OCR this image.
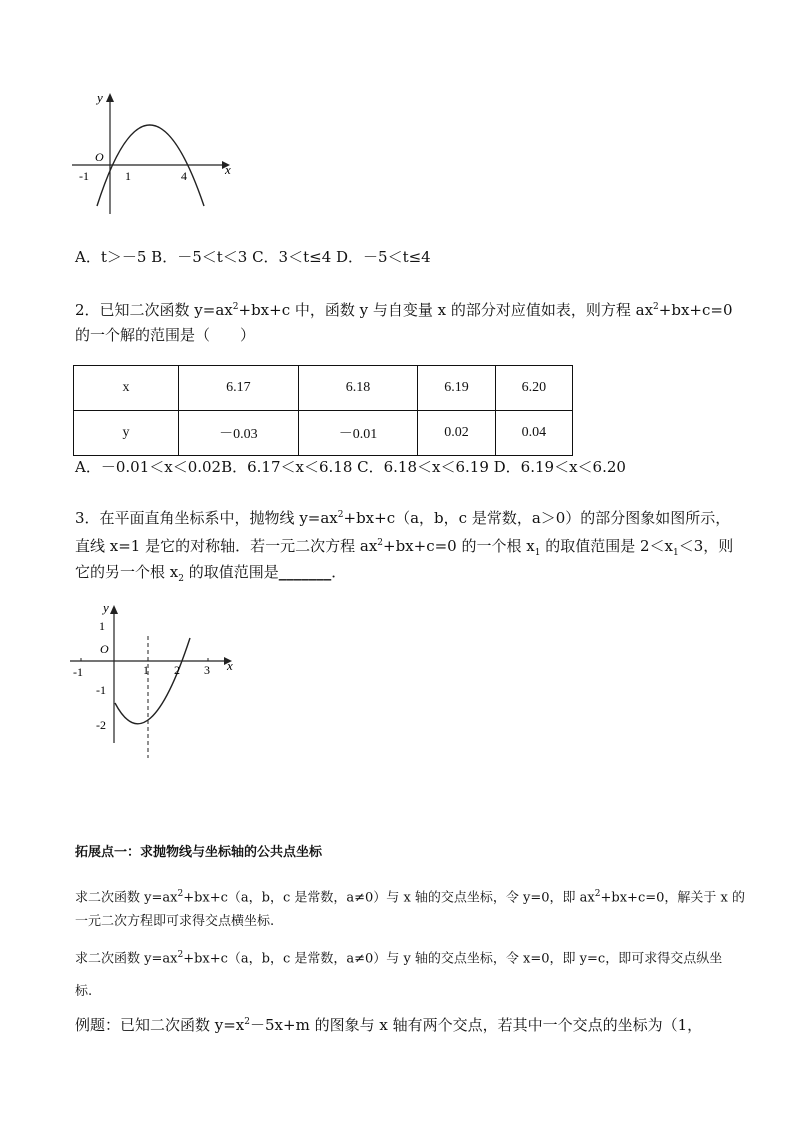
y
x
O
-1	1	4
A．t＞－5 B．－5＜t＜3 C．3＜t≤4 D．－5＜t≤4
2．已知二次函数 $y=ax^2+bx+c$ 中，函数 y 与自变量 x 的部分对应值如表，则方程 $ax^2+bx+c=0$
的一个解的范围是（　　）
x	6.17	6.18	6.19	6.20
y	－0.03	－0.01	0.02	0.04
A．－0.01＜x＜0.02B．6.17＜x＜6.18 C．6.18＜x＜6.19 D．6.19＜x＜6.20
3．在平面直角坐标系中，抛物线 $y=ax^2+bx+c(a$，b，c 是常数，a＞0）的部分图象如图所示，
直线 x=1 是它的对称轴．若一元二次方程 $ax^2+bx+c=0$ 的一个根 $x_1$ 的取值范围是 $2<x_1<3$，则
它的另一个根 $x_2$ 的取值范围是_______．
y
x
O
1
-1	1 2 3
-1
-2
拓展点一：求抛物线与坐标轴的公共点坐标
求二次函数 $y=ax^2+bx+c(a$，b，c 是常数，a≠0）与 x 轴的交点坐标，令 y=0，即 $ax^2+bx+c=0$，解关于 x 的
一元二次方程即可求得交点横坐标.
求二次函数 $y=ax^2+bx+c(a$，b，c 是常数，a≠0）与 y 轴的交点坐标，令 x=0，即 y=c，即可求得交点纵坐
标.
例题：已知二次函数 $y=x^2-5x+m$ 的图象与 x 轴有两个交点，若其中一个交点的坐标为（1，
